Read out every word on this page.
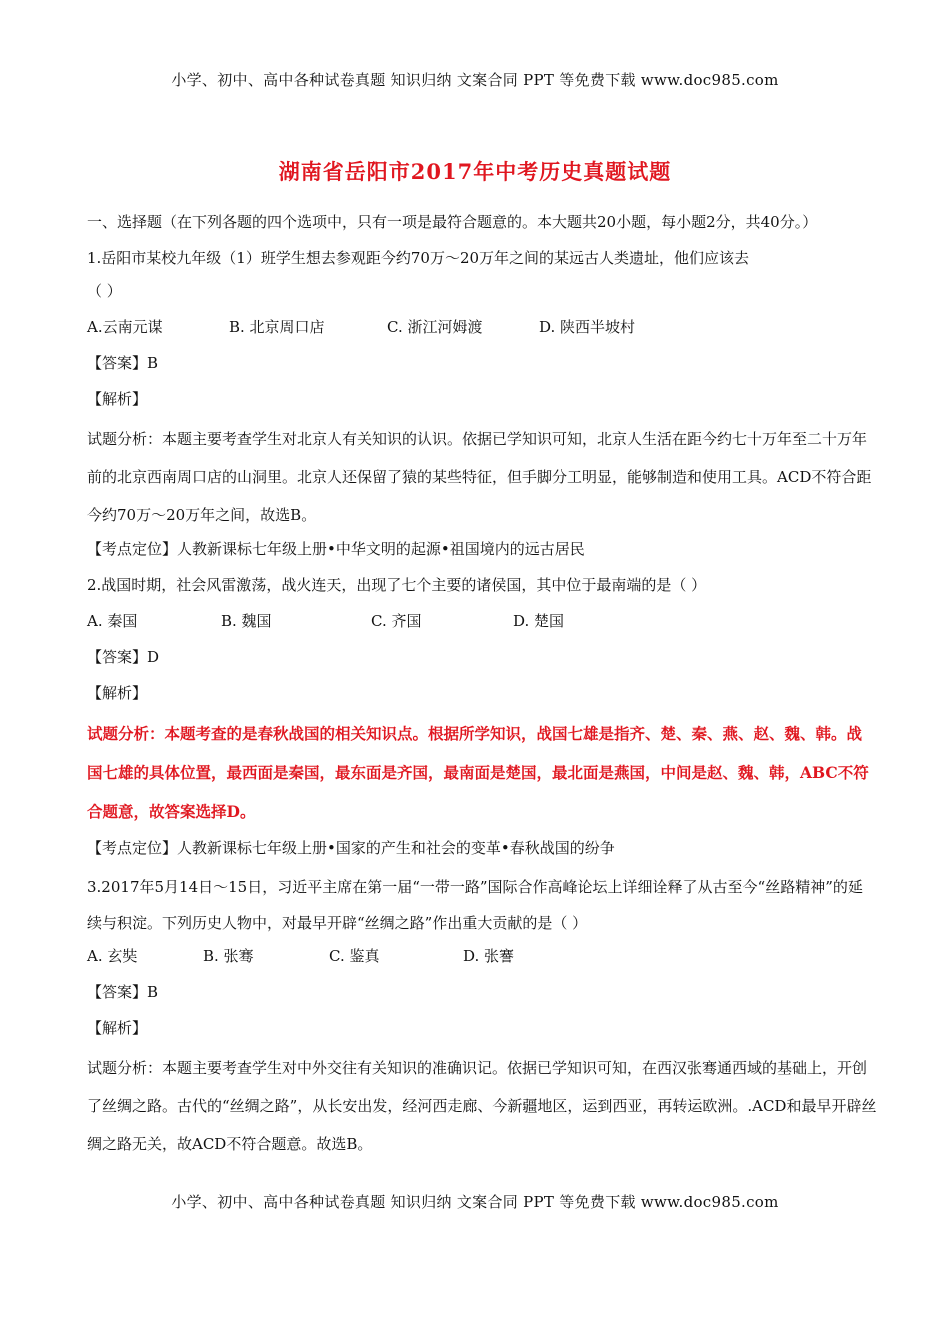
小学、初中、高中各种试卷真题 知识归纳 文案合同 PPT 等免费下载 www.doc985.com
湖南省岳阳市2017年中考历史真题试题
一、选择题（在下列各题的四个选项中，只有一项是最符合题意的。本大题共20小题，每小题2分，共40分。）
1.岳阳市某校九年级（1）班学生想去参观距今约70万～20万年之间的某远古人类遗址，他们应该去
（ ）
A.云南元谋	B. 北京周口店	C. 浙江河姆渡	D. 陕西半坡村
【答案】B
【解析】
试题分析：本题主要考查学生对北京人有关知识的认识。依据已学知识可知，北京人生活在距今约七十万年至二十万年前的北京西南周口店的山洞里。北京人还保留了猿的某些特征，但手脚分工明显，能够制造和使用工具。ACD不符合距今约70万～20万年之间，故选B。
【考点定位】人教新课标七年级上册•中华文明的起源•祖国境内的远古居民
2.战国时期，社会风雷激荡，战火连天，出现了七个主要的诸侯国，其中位于最南端的是（ ）
A. 秦国	B. 魏国	C. 齐国	D. 楚国
【答案】D
【解析】
试题分析：本题考查的是春秋战国的相关知识点。根据所学知识，战国七雄是指齐、楚、秦、燕、赵、魏、韩。战国七雄的具体位置，最西面是秦国，最东面是齐国，最南面是楚国，最北面是燕国，中间是赵、魏、韩，ABC不符合题意，故答案选择D。
【考点定位】人教新课标七年级上册•国家的产生和社会的变革•春秋战国的纷争
3.2017年5月14日～15日，习近平主席在第一届“一带一路”国际合作高峰论坛上详细诠释了从古至今“丝路精神”的延续与积淀。下列历史人物中，对最早开辟“丝绸之路”作出重大贡献的是（ ）
A. 玄奘	B. 张骞	C. 鉴真	D. 张謇
【答案】B
【解析】
试题分析：本题主要考查学生对中外交往有关知识的准确识记。依据已学知识可知，在西汉张骞通西域的基础上，开创了丝绸之路。古代的“丝绸之路”，从长安出发，经河西走廊、今新疆地区，运到西亚，再转运欧洲。.ACD和最早开辟丝绸之路无关，故ACD不符合题意。故选B。
小学、初中、高中各种试卷真题 知识归纳 文案合同 PPT 等免费下载 www.doc985.com
